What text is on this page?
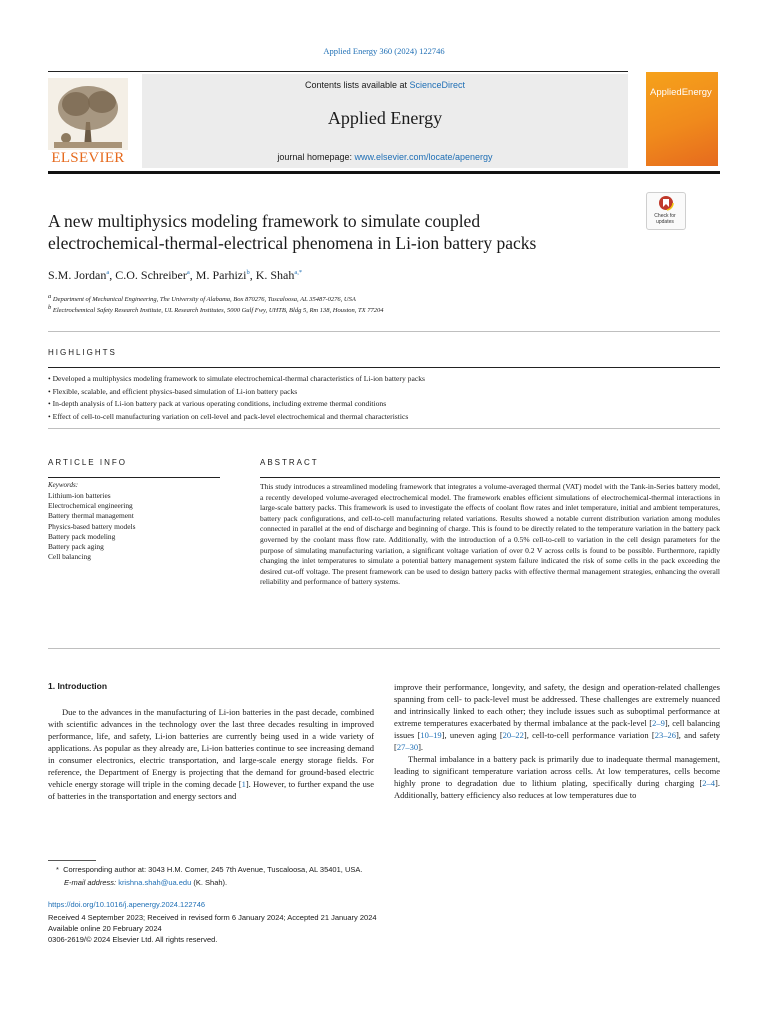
Applied Energy 360 (2024) 122746
ELSEVIER
Contents lists available at ScienceDirect
Applied Energy
journal homepage: www.elsevier.com/locate/apenergy
AppliedEnergy
Check for
updates
A new multiphysics modeling framework to simulate coupled
electrochemical-thermal-electrical phenomena in Li-ion battery packs
S.M. Jordan$^a$, C.O. Schreiber$^a$, M. Parhizi$^b$, K. Shah$^{a,*}$
$^a$ Department of Mechanical Engineering, The University of Alabama, Box 870276, Tuscaloosa, AL 35487-0276, USA
$^b$ Electrochemical Safety Research Institute, UL Research Institutes, 5000 Gulf Fwy, UHTB, Bldg 5, Rm 138, Houston, TX 77204
HIGHLIGHTS
• Developed a multiphysics modeling framework to simulate electrochemical-thermal characteristics of Li-ion battery packs
• Flexible, scalable, and efficient physics-based simulation of Li-ion battery packs
• In-depth analysis of Li-ion battery pack at various operating conditions, including extreme thermal conditions
• Effect of cell-to-cell manufacturing variation on cell-level and pack-level electrochemical and thermal characteristics
ARTICLE INFO
Keywords:
Lithium-ion batteries
Electrochemical engineering
Battery thermal management
Physics-based battery models
Battery pack modeling
Battery pack aging
Cell balancing
ABSTRACT
This study introduces a streamlined modeling framework that integrates a volume-averaged thermal (VAT) model with the Tank-in-Series battery model, a recently developed volume-averaged electrochemical model. The framework enables efficient simulations of electrochemical-thermal interactions in large-scale battery packs. This framework is used to investigate the effects of coolant flow rates and inlet temperature, initial and ambient temperatures, battery pack configurations, and cell-to-cell manufacturing related variations. Results showed a notable current distribution variation among modules connected in parallel at the end of discharge and beginning of charge. This is found to be directly related to the temperature variation in the battery pack governed by the coolant mass flow rate. Additionally, with the introduction of a 0.5% cell-to-cell to variation in the cell design parameters for the purpose of simulating manufacturing variation, a significant voltage variation of over 0.2 V across cells is found to be possible. Furthermore, rapidly changing the inlet temperatures to simulate a potential battery management system failure indicated the risk of some cells in the pack exceeding the desired cut-off voltage. The present framework can be used to design battery packs with effective thermal management strategies, enhancing the overall reliability and performance of battery systems.
1. Introduction

Due to the advances in the manufacturing of Li-ion batteries in the past decade, combined with scientific advances in the technology over the last three decades resulting in improved performance, life, and safety, Li-ion batteries are currently being used in a wide variety of applications. As popular as they already are, Li-ion batteries continue to see increasing demand in consumer electronics, electric transportation, and large-scale energy storage fields. For reference, the Department of Energy is projecting that the demand for ground-based electric vehicle energy storage will triple in the coming decade [1]. However, to further expand the use of batteries in the transportation and energy sectors and

improve their performance, longevity, and safety, the design and operation-related challenges spanning from cell- to pack-level must be addressed. These challenges are extremely nuanced and intrinsically linked to each other; they include issues such as suboptimal performance at extreme temperatures exacerbated by thermal imbalance at the pack-level [2–9], cell balancing issues [10–19], uneven aging [20–22], cell-to-cell performance variation [23–26], and safety [27–30].

Thermal imbalance in a battery pack is primarily due to inadequate thermal management, leading to significant temperature variation across cells. At low temperatures, cells become highly prone to degradation due to lithium plating, specifically during charging [2–4]. Additionally, battery efficiency also reduces at low temperatures due to

* Corresponding author at: 3043 H.M. Comer, 245 7th Avenue, Tuscaloosa, AL 35401, USA.
E-mail address: krishna.shah@ua.edu (K. Shah).
https://doi.org/10.1016/j.apenergy.2024.122746
Received 4 September 2023; Received in revised form 6 January 2024; Accepted 21 January 2024
Available online 20 February 2024
0306-2619/© 2024 Elsevier Ltd. All rights reserved.
